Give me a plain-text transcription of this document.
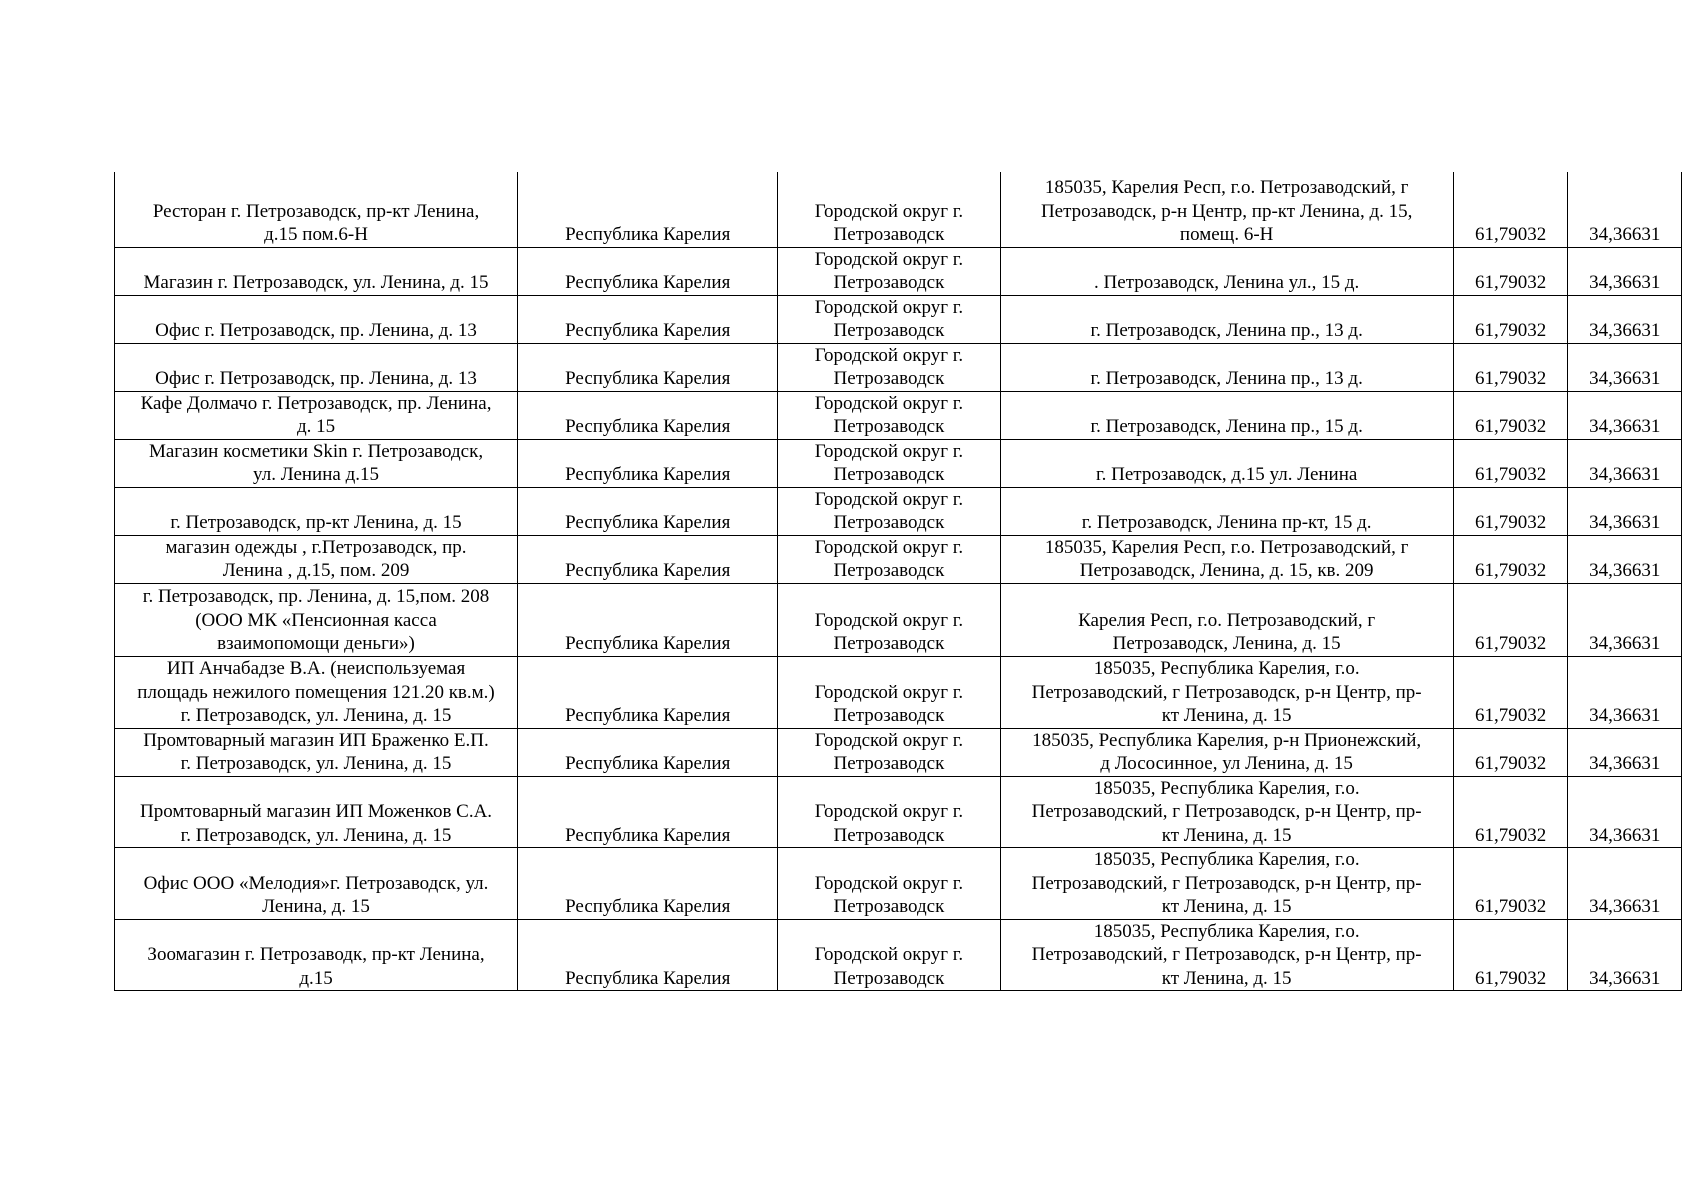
Ресторан г. Петрозаводск, пр-кт Ленина,
д.15 пом.6-Н	Республика Карелия	Городской округ г.
Петрозаводск	185035, Карелия Респ, г.о. Петрозаводский, г
Петрозаводск, р-н Центр, пр-кт Ленина, д. 15,
помещ. 6-Н	61,79032	34,36631

Магазин г. Петрозаводск, ул. Ленина, д. 15	Республика Карелия	Городской округ г.
Петрозаводск	. Петрозаводск, Ленина ул., 15 д.	61,79032	34,36631

Офис г. Петрозаводск, пр. Ленина, д. 13	Республика Карелия	Городской округ г.
Петрозаводск	г. Петрозаводск, Ленина пр., 13 д.	61,79032	34,36631

Офис г. Петрозаводск, пр. Ленина, д. 13	Республика Карелия	Городской округ г.
Петрозаводск	г. Петрозаводск, Ленина пр., 13 д.	61,79032	34,36631

Кафе Долмачо г. Петрозаводск, пр. Ленина,
д. 15	Республика Карелия	Городской округ г.
Петрозаводск	г. Петрозаводск, Ленина пр., 15 д.	61,79032	34,36631

Магазин косметики Skin г. Петрозаводск,
ул. Ленина д.15	Республика Карелия	Городской округ г.
Петрозаводск	г. Петрозаводск, д.15 ул. Ленина	61,79032	34,36631

г. Петрозаводск, пр-кт Ленина, д. 15	Республика Карелия	Городской округ г.
Петрозаводск	г. Петрозаводск, Ленина пр-кт, 15 д.	61,79032	34,36631

магазин одежды , г.Петрозаводск, пр.
Ленина , д.15, пом. 209	Республика Карелия	Городской округ г.
Петрозаводск	185035, Карелия Респ, г.о. Петрозаводский, г
Петрозаводск, Ленина, д. 15, кв. 209	61,79032	34,36631

г. Петрозаводск, пр. Ленина, д. 15,пом. 208
(ООО МК «Пенсионная касса
взаимопомощи деньги»)	Республика Карелия	Городской округ г.
Петрозаводск	Карелия Респ, г.о. Петрозаводский, г
Петрозаводск, Ленина, д. 15	61,79032	34,36631

ИП Анчабадзе В.А. (неиспользуемая
площадь нежилого помещения 121.20 кв.м.)
г. Петрозаводск, ул. Ленина, д. 15	Республика Карелия	Городской округ г.
Петрозаводск	185035, Республика Карелия, г.о.
Петрозаводский, г Петрозаводск, р-н Центр, пр-
кт Ленина, д. 15	61,79032	34,36631

Промтоварный магазин ИП Браженко Е.П.
г. Петрозаводск, ул. Ленина, д. 15	Республика Карелия	Городской округ г.
Петрозаводск	185035, Республика Карелия, р-н Прионежский,
д Лососинное, ул Ленина, д. 15	61,79032	34,36631

Промтоварный магазин ИП Моженков С.А.
г. Петрозаводск, ул. Ленина, д. 15	Республика Карелия	Городской округ г.
Петрозаводск	185035, Республика Карелия, г.о.
Петрозаводский, г Петрозаводск, р-н Центр, пр-
кт Ленина, д. 15	61,79032	34,36631

Офис ООО «Мелодия»г. Петрозаводск, ул.
Ленина, д. 15	Республика Карелия	Городской округ г.
Петрозаводск	185035, Республика Карелия, г.о.
Петрозаводский, г Петрозаводск, р-н Центр, пр-
кт Ленина, д. 15	61,79032	34,36631

Зоомагазин г. Петрозаводк, пр-кт Ленина,
д.15	Республика Карелия	Городской округ г.
Петрозаводск	185035, Республика Карелия, г.о.
Петрозаводский, г Петрозаводск, р-н Центр, пр-
кт Ленина, д. 15	61,79032	34,36631
